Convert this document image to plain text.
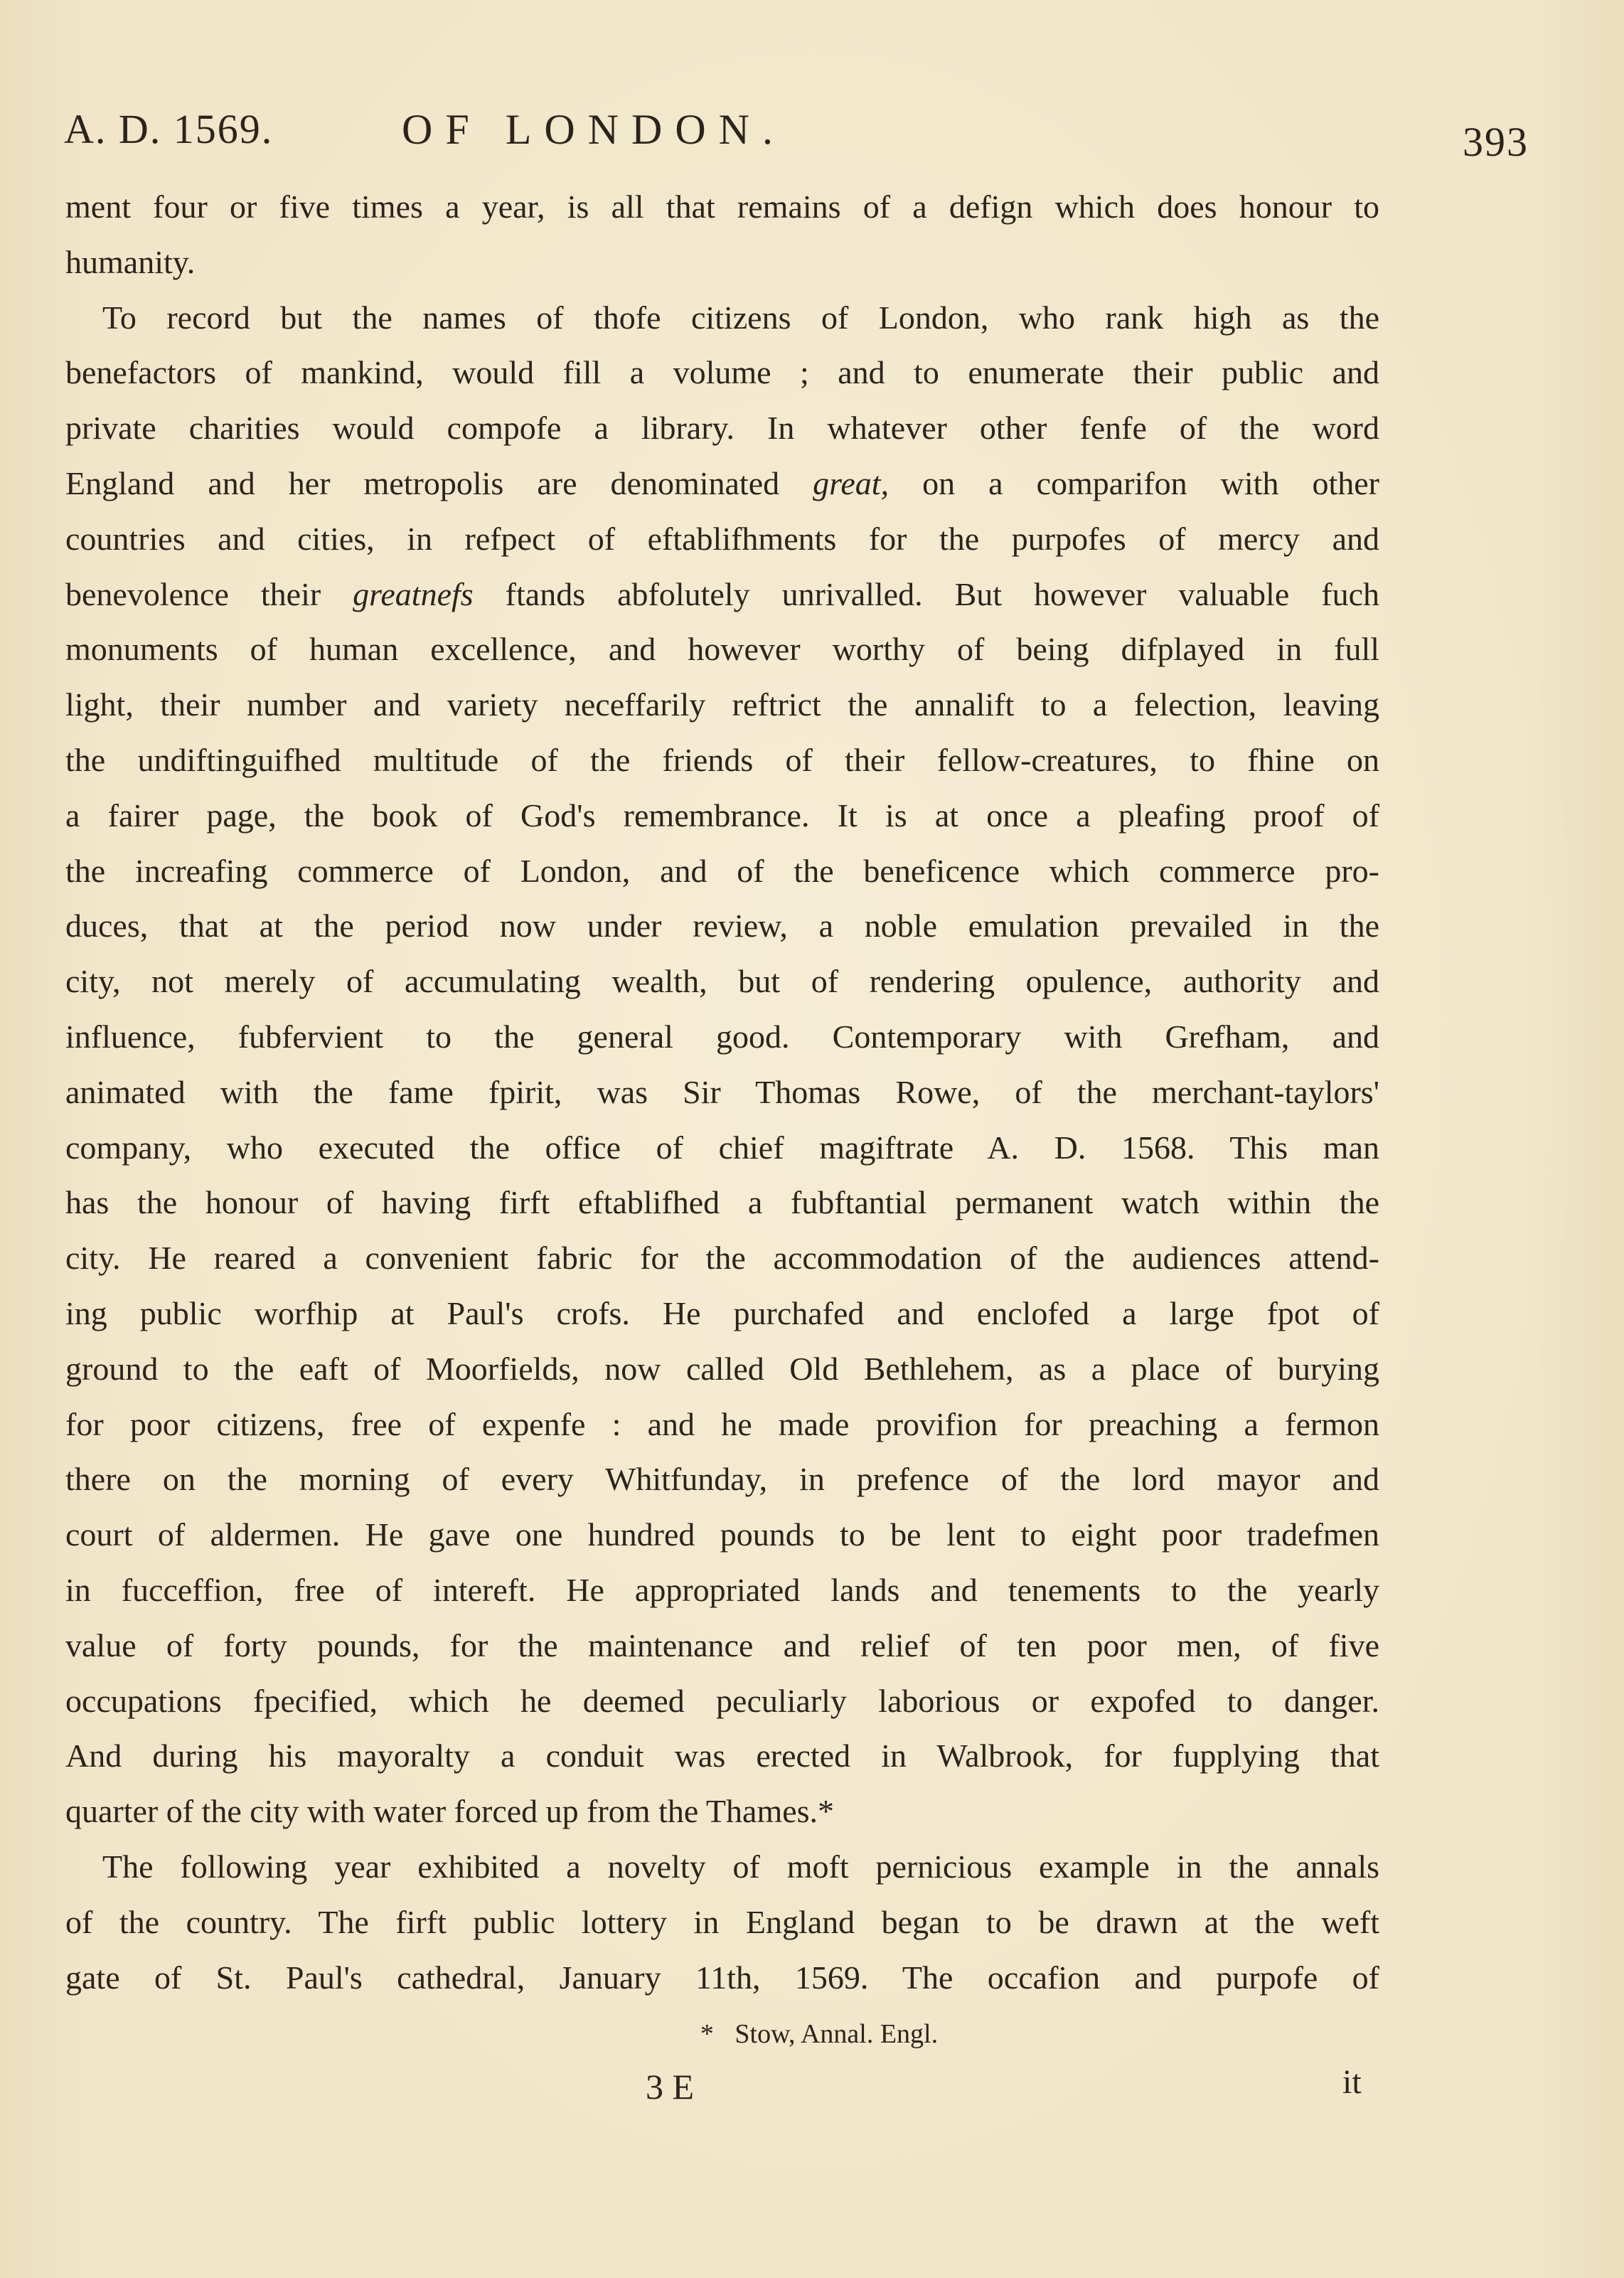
A. D. 1569.	OF LONDON.	393
ment four or five times a year, is all that remains of a defign which does honour to
humanity.
To record but the names of thofe citizens of London, who rank high as the
benefactors of mankind, would fill a volume ; and to enumerate their public and
private charities would compofe a library. In whatever other fenfe of the word
England and her metropolis are denominated great, on a comparifon with other
countries and cities, in refpect of eftablifhments for the purpofes of mercy and
benevolence their greatnefs ftands abfolutely unrivalled. But however valuable fuch
monuments of human excellence, and however worthy of being difplayed in full
light, their number and variety neceffarily reftrict the annalift to a felection, leaving
the undiftinguifhed multitude of the friends of their fellow-creatures, to fhine on
a fairer page, the book of God's remembrance. It is at once a pleafing proof of
the increafing commerce of London, and of the beneficence which commerce pro-
duces, that at the period now under review, a noble emulation prevailed in the
city, not merely of accumulating wealth, but of rendering opulence, authority and
influence, fubfervient to the general good. Contemporary with Grefham, and
animated with the fame fpirit, was Sir Thomas Rowe, of the merchant-taylors'
company, who executed the office of chief magiftrate A. D. 1568. This man
has the honour of having firft eftablifhed a fubftantial permanent watch within the
city. He reared a convenient fabric for the accommodation of the audiences attend-
ing public worfhip at Paul's crofs. He purchafed and enclofed a large fpot of
ground to the eaft of Moorfields, now called Old Bethlehem, as a place of burying
for poor citizens, free of expenfe : and he made provifion for preaching a fermon
there on the morning of every Whitfunday, in prefence of the lord mayor and
court of aldermen. He gave one hundred pounds to be lent to eight poor tradefmen
in fucceffion, free of intereft. He appropriated lands and tenements to the yearly
value of forty pounds, for the maintenance and relief of ten poor men, of five
occupations fpecified, which he deemed peculiarly laborious or expofed to danger.
And during his mayoralty a conduit was erected in Walbrook, for fupplying that
quarter of the city with water forced up from the Thames.*
The following year exhibited a novelty of moft pernicious example in the annals
of the country. The firft public lottery in England began to be drawn at the weft
gate of St. Paul's cathedral, January 11th, 1569. The occafion and purpofe of
* Stow, Annal. Engl.
3 E	it
